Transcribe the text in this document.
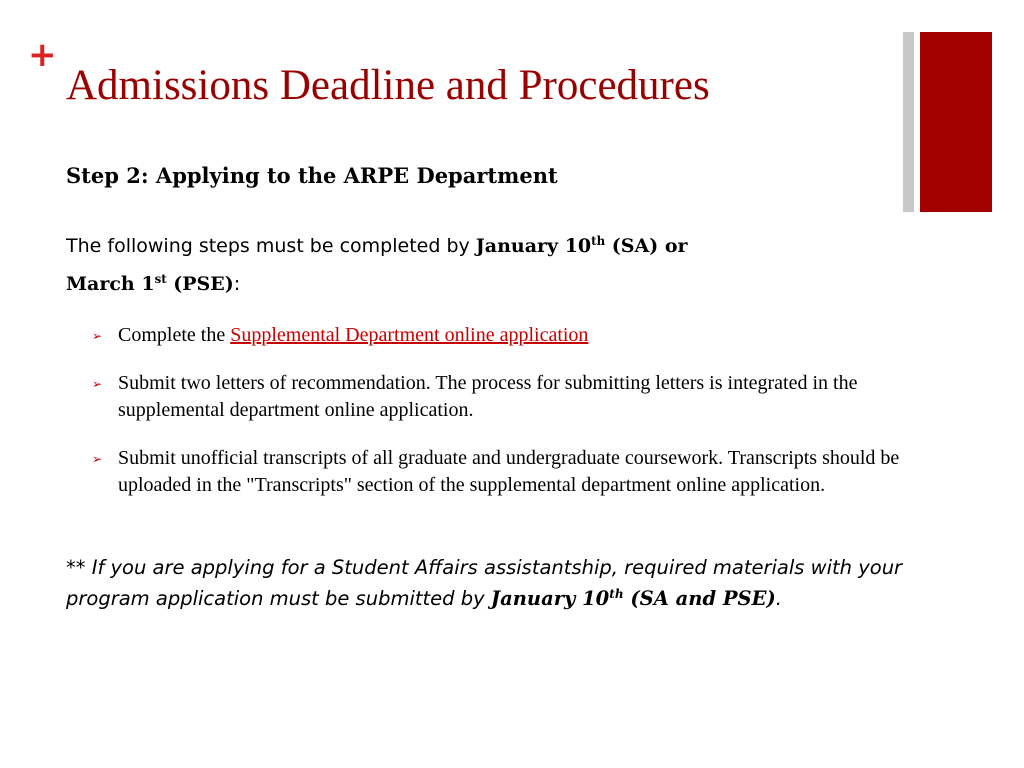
+
Admissions Deadline and Procedures
Step 2: Applying to the ARPE Department

The following steps must be completed by January 10th (SA) or
March 1st (PSE):

➢ Complete the Supplemental Department online application
➢ Submit two letters of recommendation. The process for submitting letters is integrated in the supplemental department online application.
➢ Submit unofficial transcripts of all graduate and undergraduate coursework. Transcripts should be uploaded in the "Transcripts" section of the supplemental department online application.

** If you are applying for a Student Affairs assistantship, required materials with your program application must be submitted by January 10th (SA and PSE).
